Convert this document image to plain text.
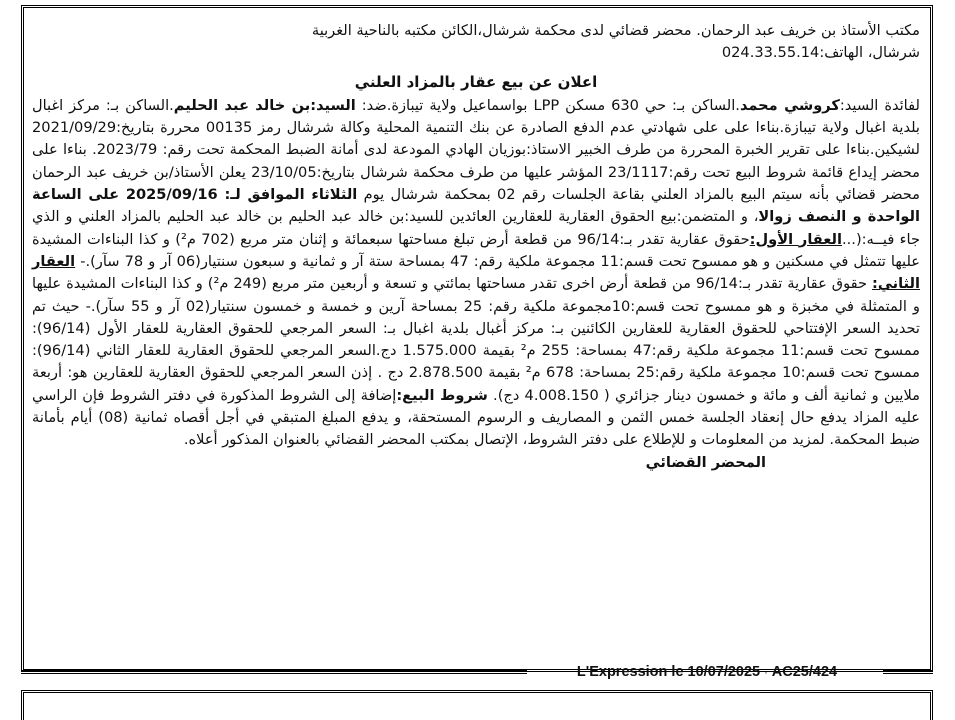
مكتب الأستاذ بن خريف عبد الرحمان. محضر قضائي لدى محكمة شرشال،الكائن مكتبه بالناحية الغربية
شرشال، الهاتف:024.33.55.14

اعلان عن بيع عقار بالمزاد العلني

لفائدة السيد:كروشي محمد.الساكن بـ: حي 630 مسكن LPP بواسماعيل ولاية تيبازة.ضد: السيد:بن خالد عبد الحليم.الساكن بـ: مركز اغبال بلدية اغبال ولاية تيبازة.بناءا على على شهادتي عدم الدفع الصادرة عن بنك التنمية المحلية وكالة شرشال رمز 00135 محررة بتاريخ:2021/09/29 لشيكين.بناءا على تقرير الخبرة المحررة من طرف الخبير الاستاذ:بوزيان الهادي المودعة لدى أمانة الضبط المحكمة تحت رقم: 2023/79. بناءا على محضر إيداع قائمة شروط البيع تحت رقم:23/1117 المؤشر عليها من طرف محكمة شرشال بتاريخ:23/10/05 يعلن الأستاذ/بن خريف عبد الرحمان محضر قضائي بأنه سيتم البيع بالمزاد العلني بقاعة الجلسات رقم 02 بمحكمة شرشال يوم الثلاثاء الموافق لـ: 2025/09/16 على الساعة الواحدة و النصف زوالا، و المتضمن:بيع الحقوق العقارية للعقارين العائدين للسيد:بن خالد عبد الحليم بن خالد عبد الحليم بالمزاد العلني و الذي جاء فيــه:(...العقار الأول:حقوق عقارية تقدر بـ:96/14 من قطعة أرض تبلغ مساحتها سبعمائة و إثنان متر مربع (702 م²) و كذا البناءات المشيدة عليها تتمثل في مسكنين و هو ممسوح تحت قسم:11 مجموعة ملكية رقم: 47 بمساحة ستة آر و ثمانية و سبعون سنتيار(06 آر و 78 سآر).- العقار الثاني: حقوق عقارية تقدر بـ:96/14 من قطعة أرض اخرى تقدر مساحتها بمائتي و تسعة و أربعين متر مربع (249 م²) و كذا البناءات المشيدة عليها و المتمثلة في مخبزة و هو ممسوح تحت قسم:10مجموعة ملكية رقم: 25 بمساحة آرين و خمسة و خمسون سنتيار(02 آر و 55 سآر).- حيث تم تحديد السعر الإفتتاحي للحقوق العقارية للعقارين الكائنين بـ: مركز أغبال بلدية اغبال بـ: السعر المرجعي للحقوق العقارية للعقار الأول (96/14): ممسوح تحت قسم:11 مجموعة ملكية رقم:47 بمساحة: 255 م² بقيمة 1.575.000 دج.السعر المرجعي للحقوق العقارية للعقار الثاني (96/14): ممسوح تحت قسم:10 مجموعة ملكية رقم:25 بمساحة: 678 م² بقيمة 2.878.500 دج . إذن السعر المرجعي للحقوق العقارية للعقارين هو: أربعة ملايين و ثمانية ألف و مائة و خمسون دينار جزائري ( 4.008.150 دج). شروط البيع:إضافة إلى الشروط المذكورة في دفتر الشروط فإن الراسي عليه المزاد يدفع حال إنعقاد الجلسة خمس الثمن و المصاريف و الرسوم المستحقة، و يدفع المبلغ المتبقي في أجل أقصاه ثمانية (08) أيام بأمانة ضبط المحكمة. لمزيد من المعلومات و للإطلاع على دفتر الشروط، الإتصال بمكتب المحضر القضائي بالعنوان المذكور أعلاه.

المحضر القضائي

L'Expression le 10/07/2025 · AC25/424
